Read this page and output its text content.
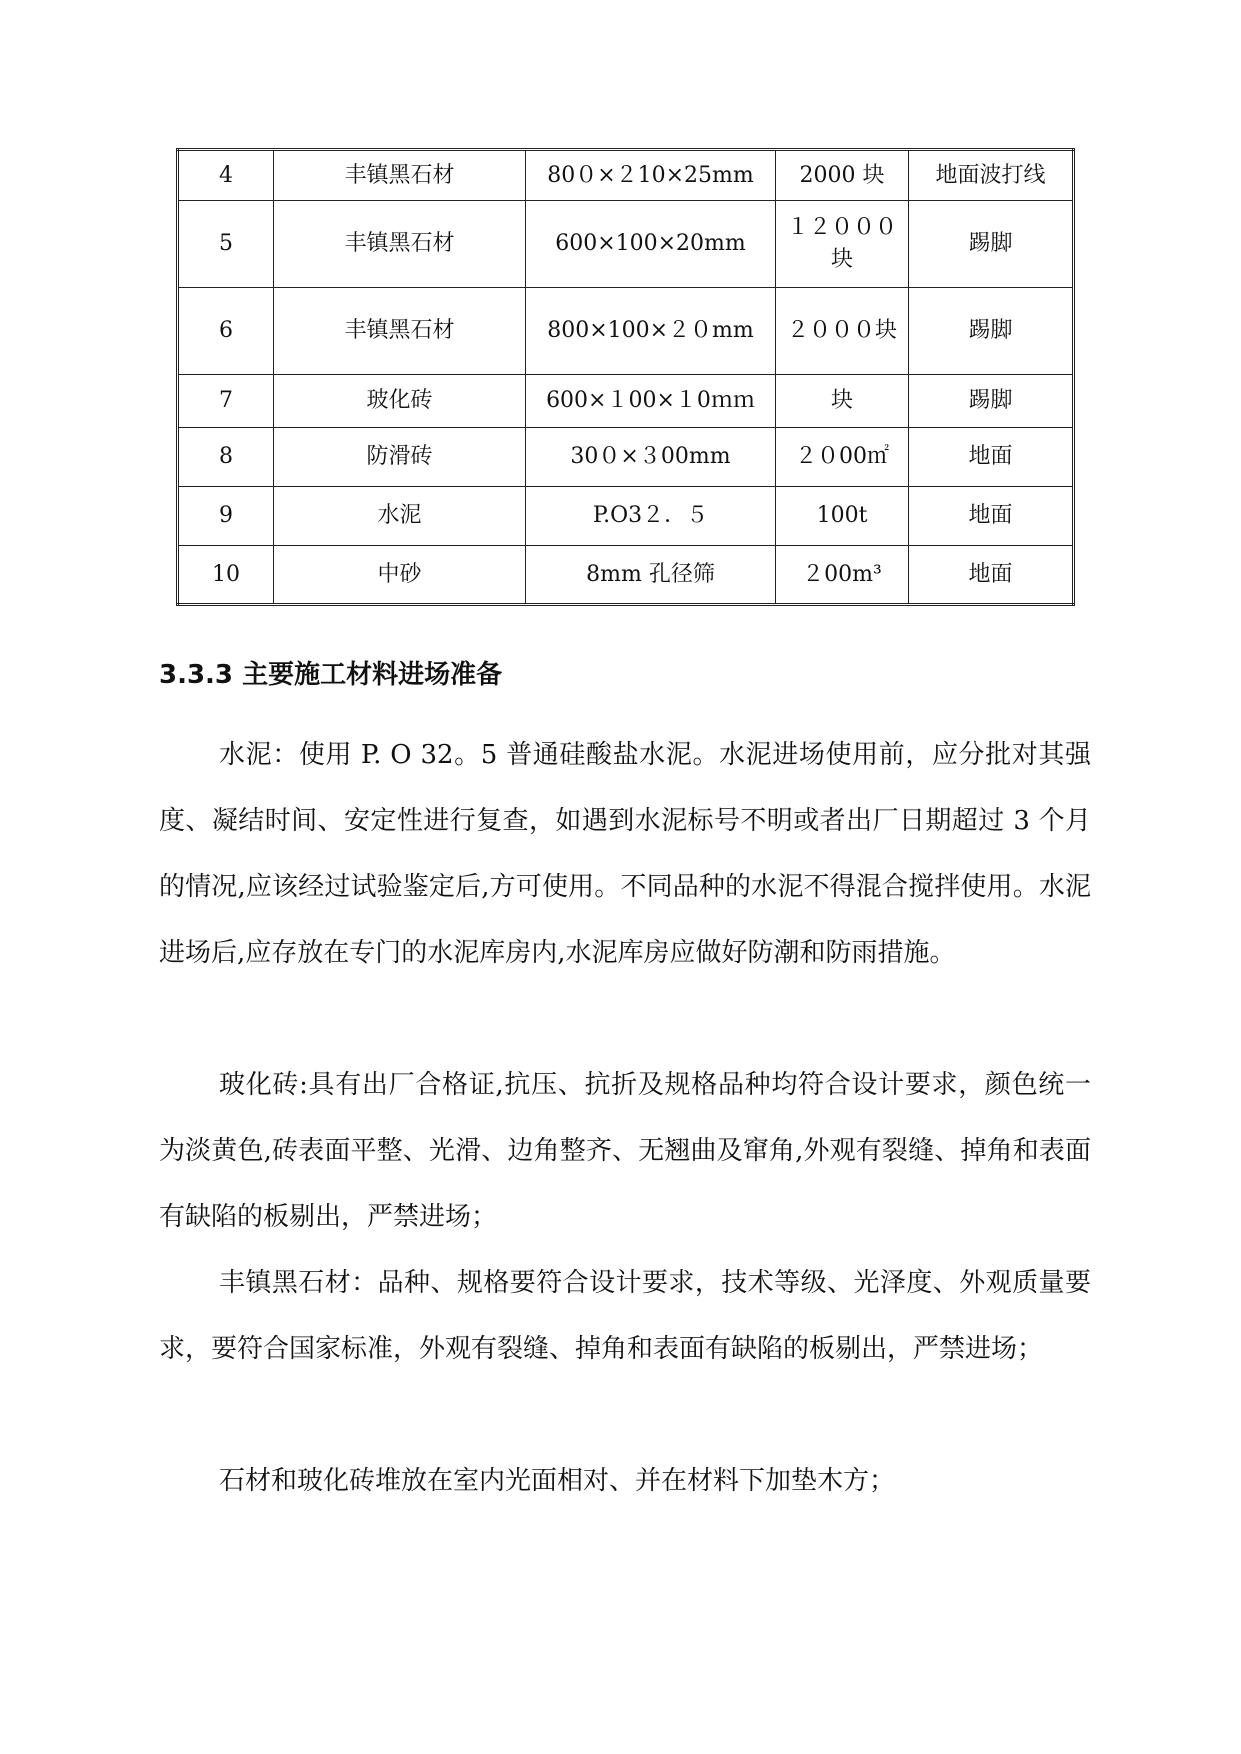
4	丰镇黑石材	80０×２10×25mm	2000 块	地面波打线
5	丰镇黑石材	600×100×20mm	１２０００块	踢脚
6	丰镇黑石材	800×100×２０mm	２０００块	踢脚
7	玻化砖	600×１00×１0ｍｍ	块	踢脚
8	防滑砖	30０×３00mm	２０00㎡	地面
9	水泥	P.O3２．５	100t	地面
10	中砂	8mm 孔径筛	２00m³	地面
3.3.3 主要施工材料进场准备

水泥：使用 P. O 32。5 普通硅酸盐水泥。水泥进场使用前，应分批对其强度、凝结时间、安定性进行复查，如遇到水泥标号不明或者出厂日期超过 3 个月的情况,应该经过试验鉴定后,方可使用。不同品种的水泥不得混合搅拌使用。水泥进场后,应存放在专门的水泥库房内,水泥库房应做好防潮和防雨措施。

玻化砖:具有出厂合格证,抗压、抗折及规格品种均符合设计要求，颜色统一为淡黄色,砖表面平整、光滑、边角整齐、无翘曲及窜角,外观有裂缝、掉角和表面有缺陷的板剔出，严禁进场；

丰镇黑石材：品种、规格要符合设计要求，技术等级、光泽度、外观质量要求，要符合国家标准，外观有裂缝、掉角和表面有缺陷的板剔出，严禁进场；

石材和玻化砖堆放在室内光面相对、并在材料下加垫木方；
